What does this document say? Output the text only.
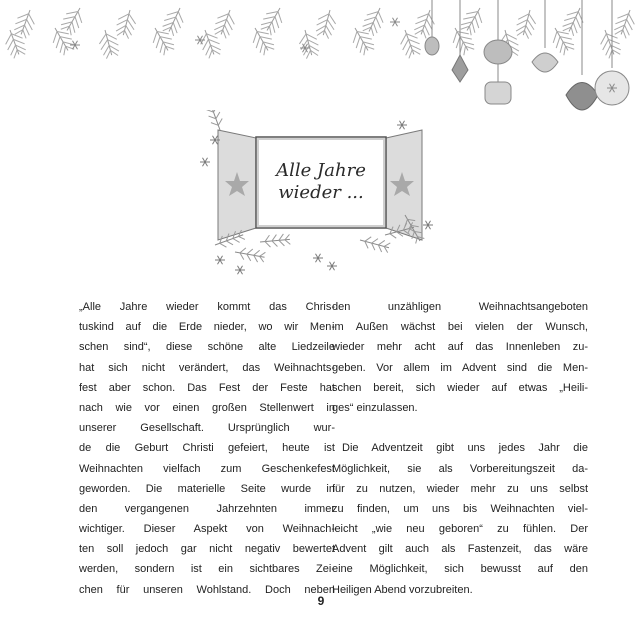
Alle Jahre
wieder ...
„Alle Jahre wieder kommt das Chris-
tuskind auf die Erde nieder, wo wir Men-
schen sind“, diese schöne alte Liedzeile
hat sich nicht verändert, das Weihnachts-
fest aber schon. Das Fest der Feste hat
nach wie vor einen großen Stellenwert in
unserer Gesellschaft. Ursprünglich wur-
de die Geburt Christi gefeiert, heute ist
Weihnachten vielfach zum Geschenkefest
geworden. Die materielle Seite wurde in
den vergangenen Jahrzehnten immer
wichtiger. Dieser Aspekt von Weihnach-
ten soll jedoch gar nicht negativ bewertet
werden, sondern ist ein sichtbares Zei-
chen für unseren Wohlstand. Doch neben
den unzähligen Weihnachtsangeboten
im Außen wächst bei vielen der Wunsch,
wieder mehr acht auf das Innenleben zu-
geben. Vor allem im Advent sind die Men-
schen bereit, sich wieder auf etwas „Heili-
ges“ einzulassen.
Die Adventzeit gibt uns jedes Jahr die
Möglichkeit, sie als Vorbereitungszeit da-
für zu nutzen, wieder mehr zu uns selbst
zu finden, um uns bis Weihnachten viel-
leicht „wie neu geboren“ zu fühlen. Der
Advent gilt auch als Fastenzeit, das wäre
eine Möglichkeit, sich bewusst auf den
Heiligen Abend vorzubreiten.
9
